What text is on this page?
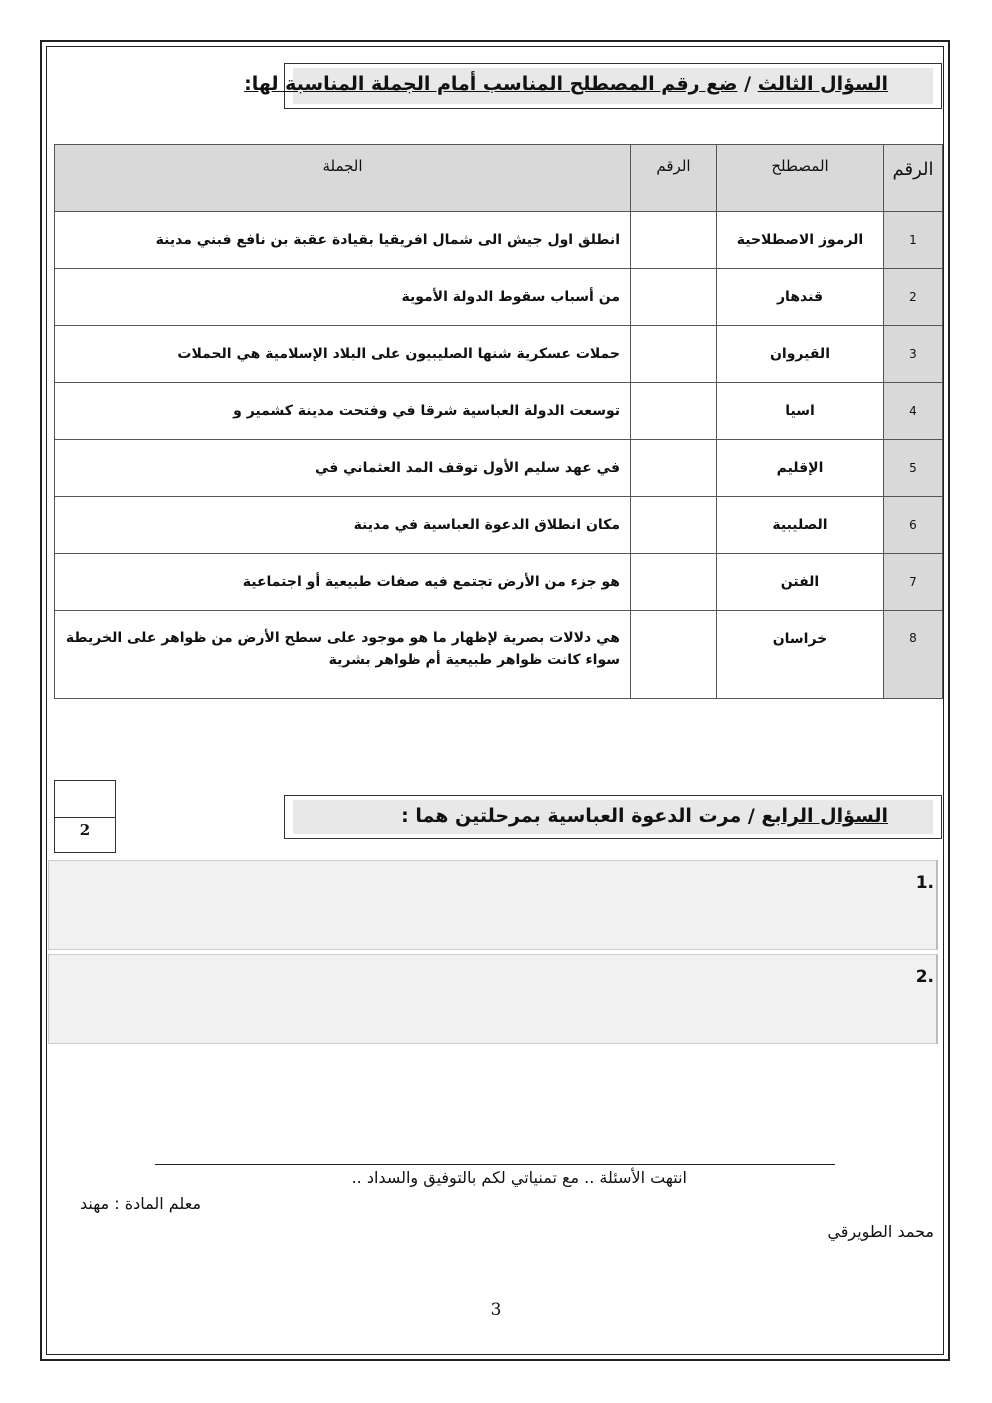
السؤال الثالث / ضع رقم المصطلح المناسب أمام الجملة المناسبة لها:
الرقم	المصطلح	الرقم	الجملة
1	الرموز الاصطلاحية		انطلق اول جيش الى شمال افريقيا بقيادة عقبة بن نافع فبني مدينة
2	قندهار		من أسباب سقوط الدولة الأموية
3	القيروان		حملات عسكرية شنها الصليبيون على البلاد الإسلامية هي الحملات
4	اسيا		توسعت الدولة العباسية شرقا في وفتحت مدينة كشمير و
5	الإقليم		في عهد سليم الأول توقف المد العثماني في
6	الصليبية		مكان انطلاق الدعوة العباسية في مدينة
7	الفتن		هو جزء من الأرض تجتمع فيه صفات طبيعية أو اجتماعية
8	خراسان		هي دلالات بصرية لإظهار ما هو موجود على سطح الأرض من ظواهر على الخريطة
سواء كانت ظواهر طبيعية أم ظواهر بشرية
2
السؤال الرابع / مرت الدعوة العباسية بمرحلتين هما :
1.
2.
انتهت الأسئلة .. مع تمنياتي لكم بالتوفيق والسداد ..
معلم المادة : مهند
محمد الطويرقي
3
